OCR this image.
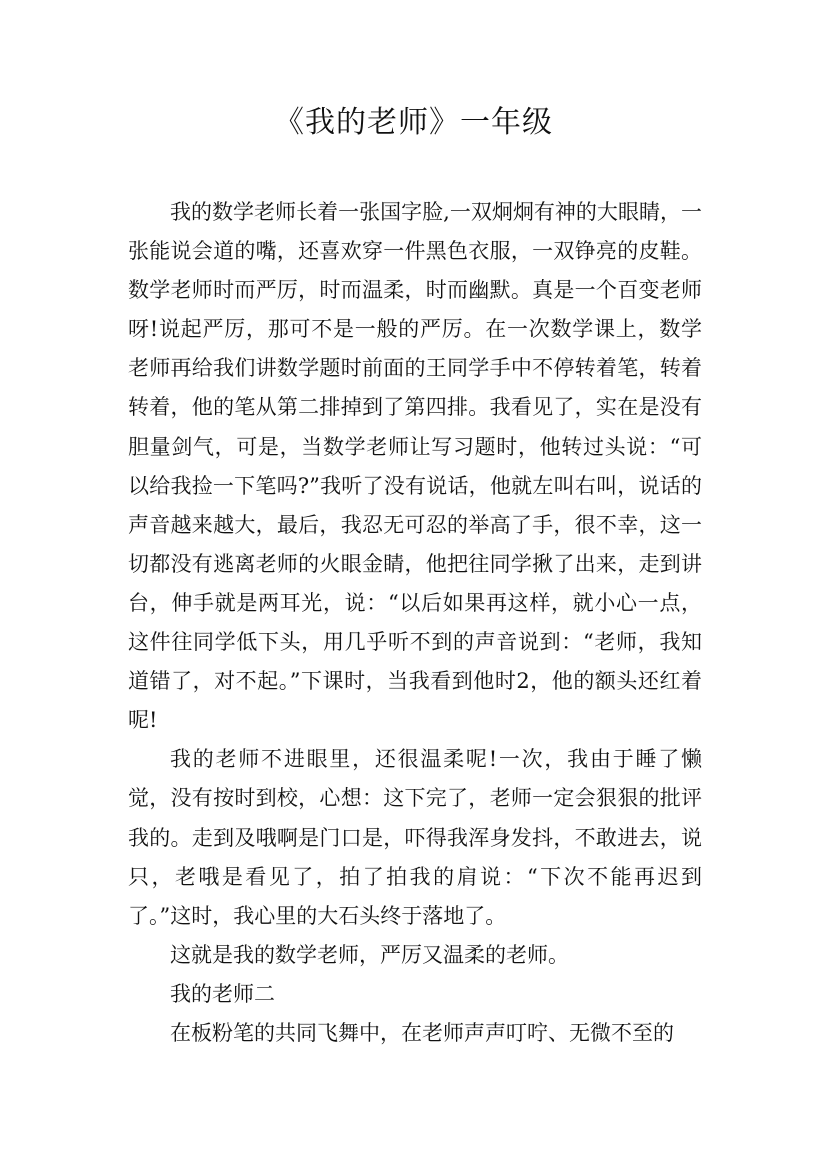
《我的老师》一年级

我的数学老师长着一张国字脸,一双炯炯有神的大眼睛，一张能说会道的嘴，还喜欢穿一件黑色衣服，一双铮亮的皮鞋。数学老师时而严厉，时而温柔，时而幽默。真是一个百变老师呀!说起严厉，那可不是一般的严厉。在一次数学课上，数学老师再给我们讲数学题时前面的王同学手中不停转着笔，转着转着，他的笔从第二排掉到了第四排。我看见了，实在是没有胆量剑气，可是，当数学老师让写习题时，他转过头说：“可以给我捡一下笔吗?”我听了没有说话，他就左叫右叫，说话的声音越来越大，最后，我忍无可忍的举高了手，很不幸，这一切都没有逃离老师的火眼金睛，他把往同学揪了出来，走到讲台，伸手就是两耳光，说：“以后如果再这样，就小心一点，这件往同学低下头，用几乎听不到的声音说到：“老师，我知道错了，对不起。”下课时，当我看到他时2，他的额头还红着呢!

我的老师不进眼里，还很温柔呢!一次，我由于睡了懒觉，没有按时到校，心想：这下完了，老师一定会狠狠的批评我的。走到及哦啊是门口是，吓得我浑身发抖，不敢进去，说只，老哦是看见了，拍了拍我的肩说：“下次不能再迟到了。”这时，我心里的大石头终于落地了。

这就是我的数学老师，严厉又温柔的老师。

我的老师二

在板粉笔的共同飞舞中，在老师声声叮咛、无微不至的
